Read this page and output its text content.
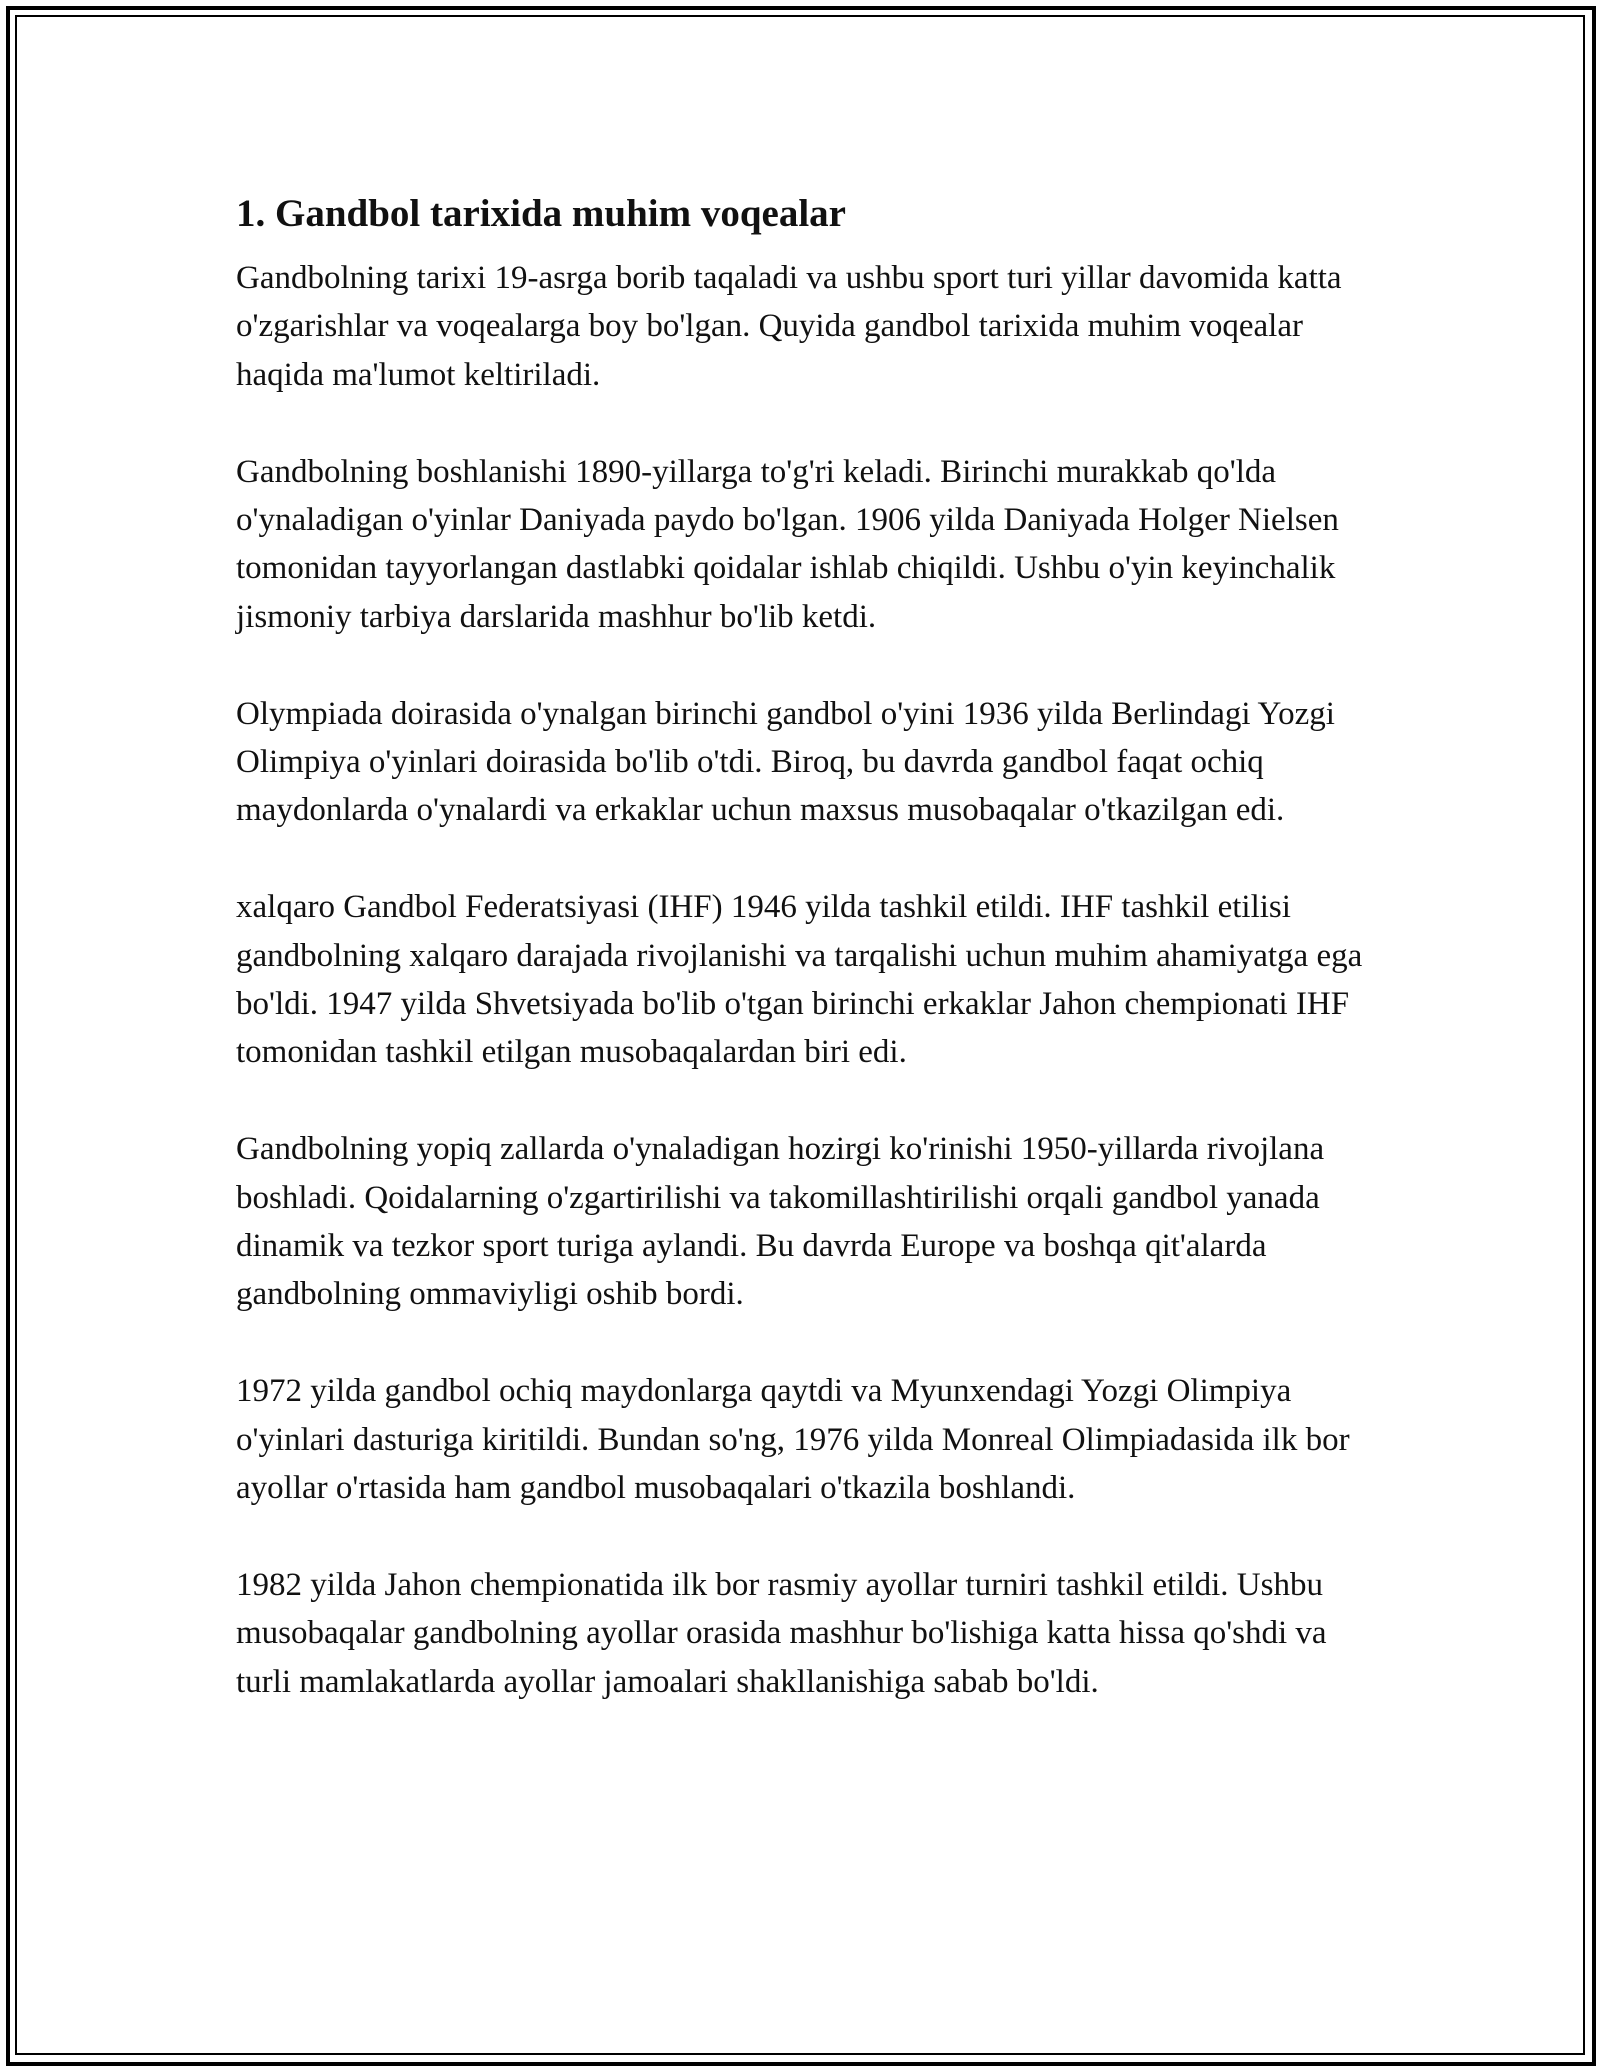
1. Gandbol tarixida muhim voqealar

Gandbolning tarixi 19-asrga borib taqaladi va ushbu sport turi yillar davomida katta o'zgarishlar va voqealarga boy bo'lgan. Quyida gandbol tarixida muhim voqealar haqida ma'lumot keltiriladi.

Gandbolning boshlanishi 1890-yillarga to'g'ri keladi. Birinchi murakkab qo'lda o'ynaladigan o'yinlar Daniyada paydo bo'lgan. 1906 yilda Daniyada Holger Nielsen tomonidan tayyorlangan dastlabki qoidalar ishlab chiqildi. Ushbu o'yin keyinchalik jismoniy tarbiya darslarida mashhur bo'lib ketdi.

Olympiada doirasida o'ynalgan birinchi gandbol o'yini 1936 yilda Berlindagi Yozgi Olimpiya o'yinlari doirasida bo'lib o'tdi. Biroq, bu davrda gandbol faqat ochiq maydonlarda o'ynalardi va erkaklar uchun maxsus musobaqalar o'tkazilgan edi.

xalqaro Gandbol Federatsiyasi (IHF) 1946 yilda tashkil etildi. IHF tashkil etilisi gandbolning xalqaro darajada rivojlanishi va tarqalishi uchun muhim ahamiyatga ega bo'ldi. 1947 yilda Shvetsiyada bo'lib o'tgan birinchi erkaklar Jahon chempionati IHF tomonidan tashkil etilgan musobaqalardan biri edi.

Gandbolning yopiq zallarda o'ynaladigan hozirgi ko'rinishi 1950-yillarda rivojlana boshladi. Qoidalarning o'zgartirilishi va takomillashtirilishi orqali gandbol yanada dinamik va tezkor sport turiga aylandi. Bu davrda Europe va boshqa qit'alarda gandbolning ommaviyligi oshib bordi.

1972 yilda gandbol ochiq maydonlarga qaytdi va Myunxendagi Yozgi Olimpiya o'yinlari dasturiga kiritildi. Bundan so'ng, 1976 yilda Monreal Olimpiadasida ilk bor ayollar o'rtasida ham gandbol musobaqalari o'tkazila boshlandi.

1982 yilda Jahon chempionatida ilk bor rasmiy ayollar turniri tashkil etildi. Ushbu musobaqalar gandbolning ayollar orasida mashhur bo'lishiga katta hissa qo'shdi va turli mamlakatlarda ayollar jamoalari shakllanishiga sabab bo'ldi.
